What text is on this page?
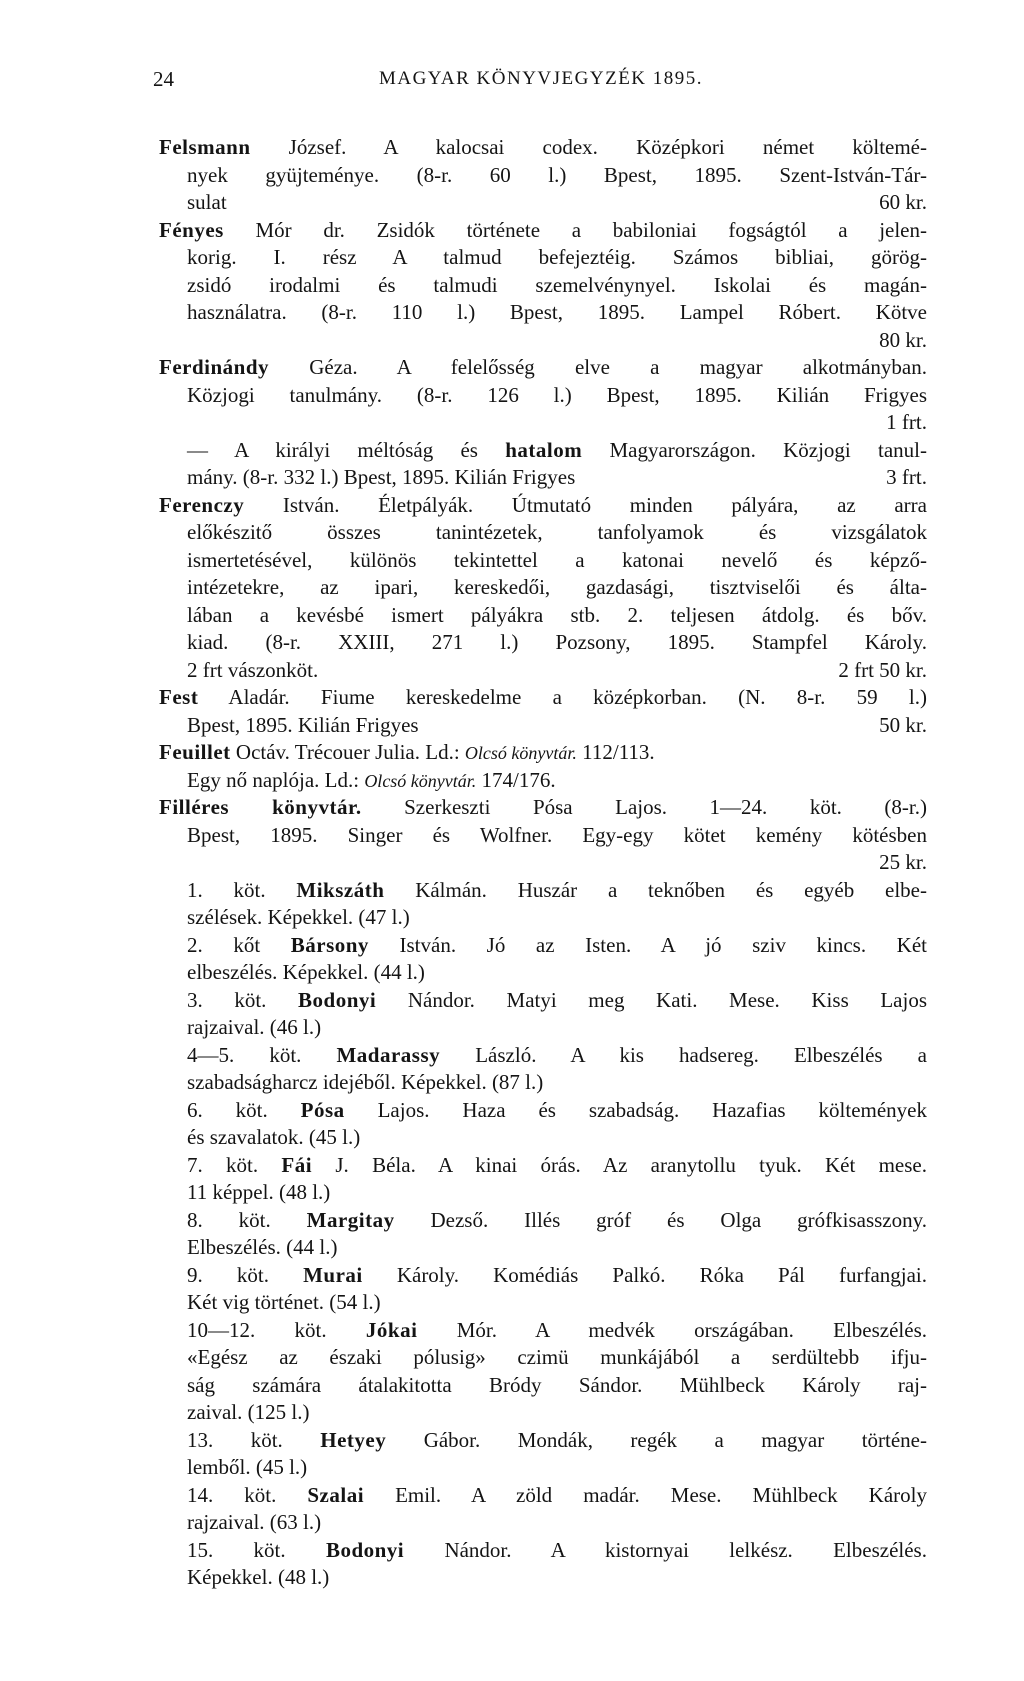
24	MAGYAR KÖNYVJEGYZÉK 1895.
Felsmann József. A kalocsai codex. Középkori német költemé-
nyek gyüjteménye. (8-r. 60 l.) Bpest, 1895. Szent-István-Tár-
sulat	60 kr.
Fényes Mór dr. Zsidók története a babiloniai fogságtól a jelen-
korig. I. rész A talmud befejeztéig. Számos bibliai, görög-
zsidó irodalmi és talmudi szemelvénynyel. Iskolai és magán-
használatra. (8-r. 110 l.) Bpest, 1895. Lampel Róbert. Kötve
80 kr.
Ferdinándy Géza. A felelősség elve a magyar alkotmányban.
Közjogi tanulmány. (8-r. 126 l.) Bpest, 1895. Kilián Frigyes
1 frt.
— A királyi méltóság és hatalom Magyarországon. Közjogi tanul-
mány. (8-r. 332 l.) Bpest, 1895. Kilián Frigyes	3 frt.
Ferenczy István. Életpályák. Útmutató minden pályára, az arra
előkészitő összes tanintézetek, tanfolyamok és vizsgálatok
ismertetésével, különös tekintettel a katonai nevelő és képző-
intézetekre, az ipari, kereskedői, gazdasági, tisztviselői és álta-
lában a kevésbé ismert pályákra stb. 2. teljesen átdolg. és bőv.
kiad. (8-r. XXIII, 271 l.) Pozsony, 1895. Stampfel Károly.
2 frt vászonköt.	2 frt 50 kr.
Fest Aladár. Fiume kereskedelme a középkorban. (N. 8-r. 59 l.)
Bpest, 1895. Kilián Frigyes	50 kr.
Feuillet Octáv. Trécouer Julia. Ld.: Olcsó könyvtár. 112/113.
Egy nő naplója. Ld.: Olcsó könyvtár. 174/176.
Filléres könyvtár. Szerkeszti Pósa Lajos. 1—24. köt. (8-r.)
Bpest, 1895. Singer és Wolfner. Egy-egy kötet kemény kötésben
25 kr.
1. köt. Mikszáth Kálmán. Huszár a teknőben és egyéb elbe-
szélések. Képekkel. (47 l.)
2. kőt Bársony István. Jó az Isten. A jó sziv kincs. Két
elbeszélés. Képekkel. (44 l.)
3. köt. Bodonyi Nándor. Matyi meg Kati. Mese. Kiss Lajos
rajzaival. (46 l.)
4—5. köt. Madarassy László. A kis hadsereg. Elbeszélés a
szabadságharcz idejéből. Képekkel. (87 l.)
6. köt. Pósa Lajos. Haza és szabadság. Hazafias költemények
és szavalatok. (45 l.)
7. köt. Fái J. Béla. A kinai órás. Az aranytollu tyuk. Két mese.
11 képpel. (48 l.)
8. köt. Margitay Dezső. Illés gróf és Olga grófkisasszony.
Elbeszélés. (44 l.)
9. köt. Murai Károly. Komédiás Palkó. Róka Pál furfangjai.
Két vig történet. (54 l.)
10—12. köt. Jókai Mór. A medvék országában. Elbeszélés.
«Egész az északi pólusig» czimü munkájából a serdültebb ifju-
ság számára átalakitotta Bródy Sándor. Mühlbeck Károly raj-
zaival. (125 l.)
13. köt. Hetyey Gábor. Mondák, regék a magyar történe-
lemből. (45 l.)
14. köt. Szalai Emil. A zöld madár. Mese. Mühlbeck Károly
rajzaival. (63 l.)
15. köt. Bodonyi Nándor. A kistornyai lelkész. Elbeszélés.
Képekkel. (48 l.)
